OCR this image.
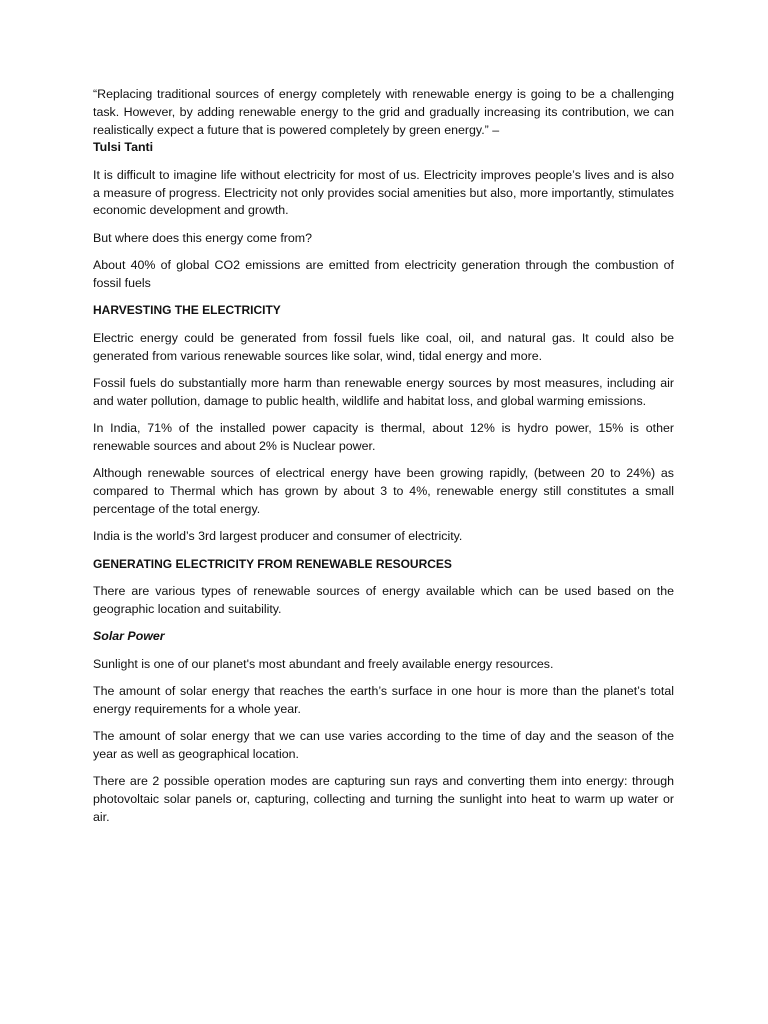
“Replacing traditional sources of energy completely with renewable energy is going to be a challenging task. However, by adding renewable energy to the grid and gradually increasing its contribution, we can realistically expect a future that is powered completely by green energy.” –
Tulsi Tanti

It is difficult to imagine life without electricity for most of us. Electricity improves people’s lives and is also a measure of progress. Electricity not only provides social amenities but also, more importantly, stimulates economic development and growth.

But where does this energy come from?

About 40% of global CO2 emissions are emitted from electricity generation through the combustion of fossil fuels

HARVESTING THE ELECTRICITY

Electric energy could be generated from fossil fuels like coal, oil, and natural gas. It could also be generated from various renewable sources like solar, wind, tidal energy and more.

Fossil fuels do substantially more harm than renewable energy sources by most measures, including air and water pollution, damage to public health, wildlife and habitat loss, and global warming emissions.

In India, 71% of the installed power capacity is thermal, about 12% is hydro power, 15% is other renewable sources and about 2% is Nuclear power.

Although renewable sources of electrical energy have been growing rapidly, (between 20 to 24%) as compared to Thermal which has grown by about 3 to 4%, renewable energy still constitutes a small percentage of the total energy.

India is the world’s 3rd largest producer and consumer of electricity.

GENERATING ELECTRICITY FROM RENEWABLE RESOURCES

There are various types of renewable sources of energy available which can be used based on the geographic location and suitability.

Solar Power

Sunlight is one of our planet's most abundant and freely available energy resources.

The amount of solar energy that reaches the earth’s surface in one hour is more than the planet’s total energy requirements for a whole year.

The amount of solar energy that we can use varies according to the time of day and the season of the year as well as geographical location.

There are 2 possible operation modes are capturing sun rays and converting them into energy: through photovoltaic solar panels or, capturing, collecting and turning the sunlight into heat to warm up water or air.
